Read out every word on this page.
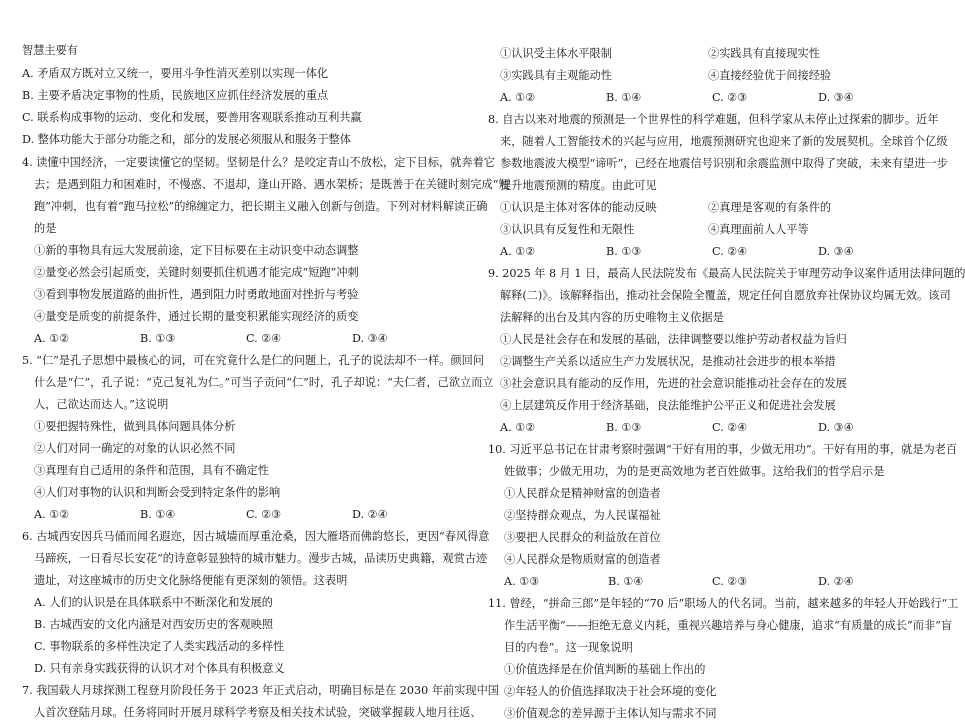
智慧主要有
A. 矛盾双方既对立又统一，要用斗争性消灭差别以实现一体化
B. 主要矛盾决定事物的性质，民族地区应抓住经济发展的重点
C. 联系构成事物的运动、变化和发展，要善用客观联系推动互利共赢
D. 整体功能大于部分功能之和，部分的发展必须服从和服务于整体
4. 读懂中国经济，一定要读懂它的坚韧。坚韧是什么？是咬定青山不放松，定下目标，就奔着它
去；是遇到阻力和困难时，不慢惑、不退却，逢山开路、遇水架桥；是既善于在关键时刻完成“短
跑”冲刺，也有着“跑马拉松”的绵缠定力，把长期主义融入创新与创造。下列对材料解读正确
的是
①新的事物具有远大发展前途，定下目标要在主动识变中动态调整
②量变必然会引起质变，关键时刻要抓住机遇才能完成“短跑”冲刺
③看到事物发展道路的曲折性，遇到阻力时勇敢地面对挫折与考验
④量变是质变的前提条件，通过长期的量变积累能实现经济的质变
A. ①②	B. ①③	C. ②④	D. ③④
5. “仁”是孔子思想中最核心的词，可在究竟什么是仁的问题上，孔子的说法却不一样。颜回问
什么是“仁”，孔子说：“克己复礼为仁。”可当子贡问“仁”时，孔子却说：“夫仁者，己欲立而立
人，己欲达而达人。”这说明
①要把握特殊性，做到具体问题具体分析
②人们对同一确定的对象的认识必然不同
③真理有自己适用的条件和范围，具有不确定性
④人们对事物的认识和判断会受到特定条件的影响
A. ①②	B. ①④	C. ②③	D. ②④
6. 古城西安因兵马俑而闻名遐迩，因古城墙而厚重沧桑，因大雁塔而佛韵悠长，更因“春风得意
马蹄疾，一日看尽长安花”的诗意彰显独特的城市魅力。漫步古城，品读历史典籍，观赏古迹
遗址，对这座城市的历史文化脉络便能有更深刻的领悟。这表明
A. 人们的认识是在具体联系中不断深化和发展的
B. 古城西安的文化内涵是对西安历史的客观映照
C. 事物联系的多样性决定了人类实践活动的多样性
D. 只有亲身实践获得的认识才对个体具有积极意义
7. 我国载人月球探测工程登月阶段任务于 2023 年正式启动，明确目标是在 2030 年前实现中国
人首次登陆月球。任务将同时开展月球科学考察及相关技术试验，突破掌握载人地月往返、
①认识受主体水平限制	②实践具有直接现实性
③实践具有主观能动性	④直接经验优于间接经验
A. ①②	B. ①④	C. ②③	D. ③④
8. 自古以来对地震的预测是一个世界性的科学难题，但科学家从未停止过探索的脚步。近年
来，随着人工智能技术的兴起与应用，地震预测研究也迎来了新的发展契机。全球首个亿级
参数地震波大模型“谛听”，已经在地震信号识别和余震监测中取得了突破，未来有望进一步
提升地震预测的精度。由此可见
①认识是主体对客体的能动反映	②真理是客观的有条件的
③认识具有反复性和无限性	④真理面前人人平等
A. ①②	B. ①③	C. ②④	D. ③④
9. 2025 年 8 月 1 日，最高人民法院发布《最高人民法院关于审理劳动争议案件适用法律问题的
解释(二)》。该解释指出，推动社会保险全覆盖，规定任何自愿放弃社保协议均属无效。该司
法解释的出台及其内容的历史唯物主义依据是
①人民是社会存在和发展的基础，法律调整要以维护劳动者权益为旨归
②调整生产关系以适应生产力发展状况，是推动社会进步的根本举措
③社会意识具有能动的反作用，先进的社会意识能推动社会存在的发展
④上层建筑反作用于经济基础，良法能维护公平正义和促进社会发展
A. ①②	B. ①③	C. ②④	D. ③④
10. 习近平总书记在甘肃考察时强调“干好有用的事，少做无用功”。干好有用的事，就是为老百
姓做事；少做无用功，为的是更高效地为老百姓做事。这给我们的哲学启示是
①人民群众是精神财富的创造者
②坚持群众观点，为人民谋福祉
③要把人民群众的利益放在首位
④人民群众是物质财富的创造者
A. ①③	B. ①④	C. ②③	D. ②④
11. 曾经，“拼命三郎”是年轻的“70 后”职场人的代名词。当前，越来越多的年轻人开始践行“工
作生活平衡”——拒绝无意义内耗，重视兴趣培养与身心健康，追求“有质量的成长”而非“盲
目的内卷”。这一现象说明
①价值选择是在价值判断的基础上作出的
②年轻人的价值选择取决于社会环境的变化
③价值观念的差异源于主体认知与需求不同
